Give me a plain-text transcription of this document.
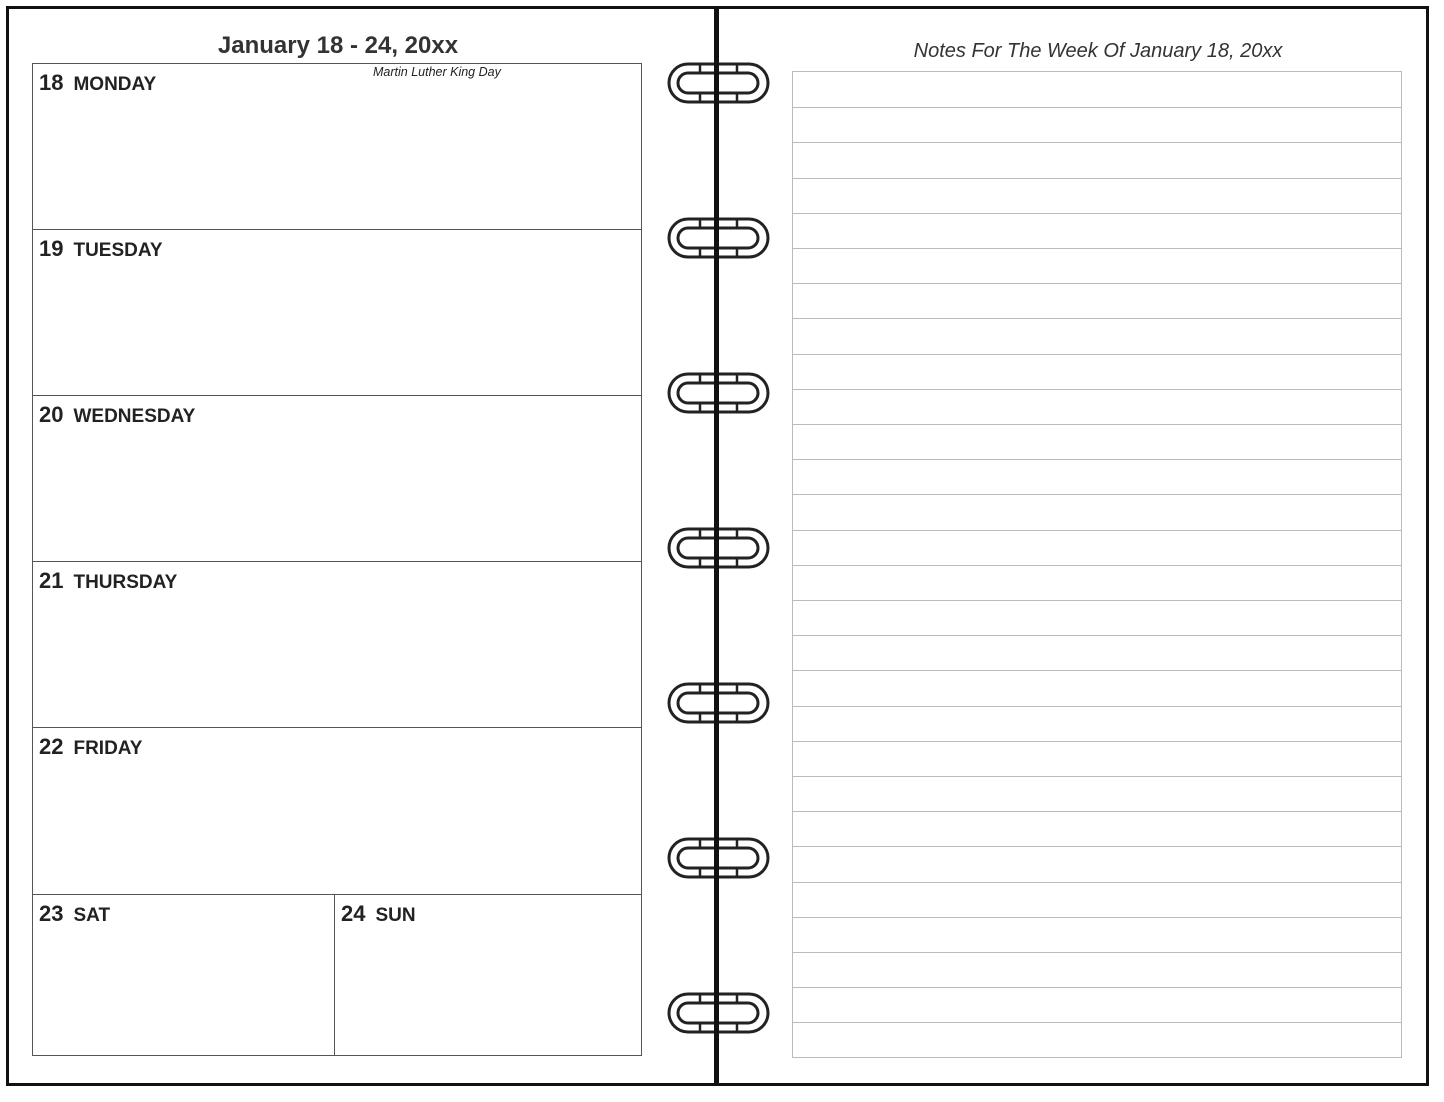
January 18 - 24, 20xx
18 MONDAY
Martin Luther King Day
19 TUESDAY
20 WEDNESDAY
21 THURSDAY
22 FRIDAY
23 SAT	24 SUN
Notes For The Week Of January 18, 20xx
